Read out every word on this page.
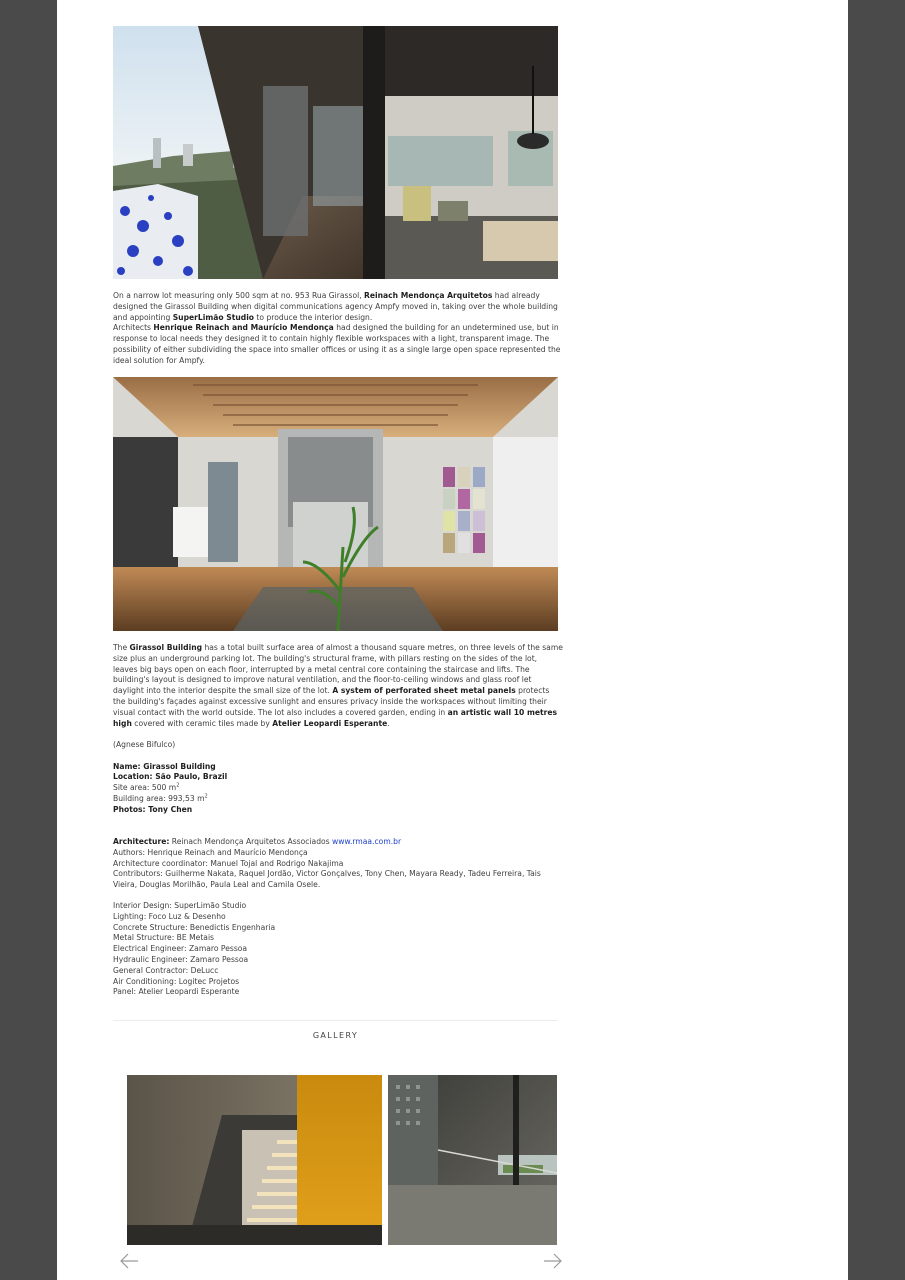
On a narrow lot measuring only 500 sqm at no. 953 Rua Girassol, Reinach Mendonça Arquitetos had already designed the Girassol Building when digital communications agency Ampfy moved in, taking over the whole building and appointing SuperLimão Studio to produce the interior design.

Architects Henrique Reinach and Maurício Mendonça had designed the building for an undetermined use, but in response to local needs they designed it to contain highly flexible workspaces with a light, transparent image. The possibility of either subdividing the space into smaller offices or using it as a single large open space represented the ideal solution for Ampfy.

The Girassol Building has a total built surface area of almost a thousand square metres, on three levels of the same size plus an underground parking lot. The building's structural frame, with pillars resting on the sides of the lot, leaves big bays open on each floor, interrupted by a metal central core containing the staircase and lifts. The building's layout is designed to improve natural ventilation, and the floor-to-ceiling windows and glass roof let daylight into the interior despite the small size of the lot. A system of perforated sheet metal panels protects the building's façades against excessive sunlight and ensures privacy inside the workspaces without limiting their visual contact with the world outside. The lot also includes a covered garden, ending in an artistic wall 10 metres high covered with ceramic tiles made by Atelier Leopardi Esperante.

(Agnese Bifulco)

Name: Girassol Building

Location: São Paulo, Brazil

Site area: 500 $m^2$

Building area: 993,53 $m^2$

Photos: Tony Chen

Architecture: Reinach Mendonça Arquitetos Associados www.rmaa.com.br

Authors: Henrique Reinach and Maurício Mendonça

Architecture coordinator: Manuel Tojal and Rodrigo Nakajima

Contributors: Guilherme Nakata, Raquel Jordão, Victor Gonçalves, Tony Chen, Mayara Ready, Tadeu Ferreira, Tais Vieira, Douglas Morilhão, Paula Leal and Camila Osele.

Interior Design: SuperLimão Studio

Lighting: Foco Luz & Desenho

Concrete Structure: Benedictis Engenharia

Metal Structure: BE Metais

Electrical Engineer: Zamaro Pessoa

Hydraulic Engineer: Zamaro Pessoa

General Contractor: DeLucc

Air Conditioning: Logitec Projetos

Panel: Atelier Leopardi Esperante

GALLERY
